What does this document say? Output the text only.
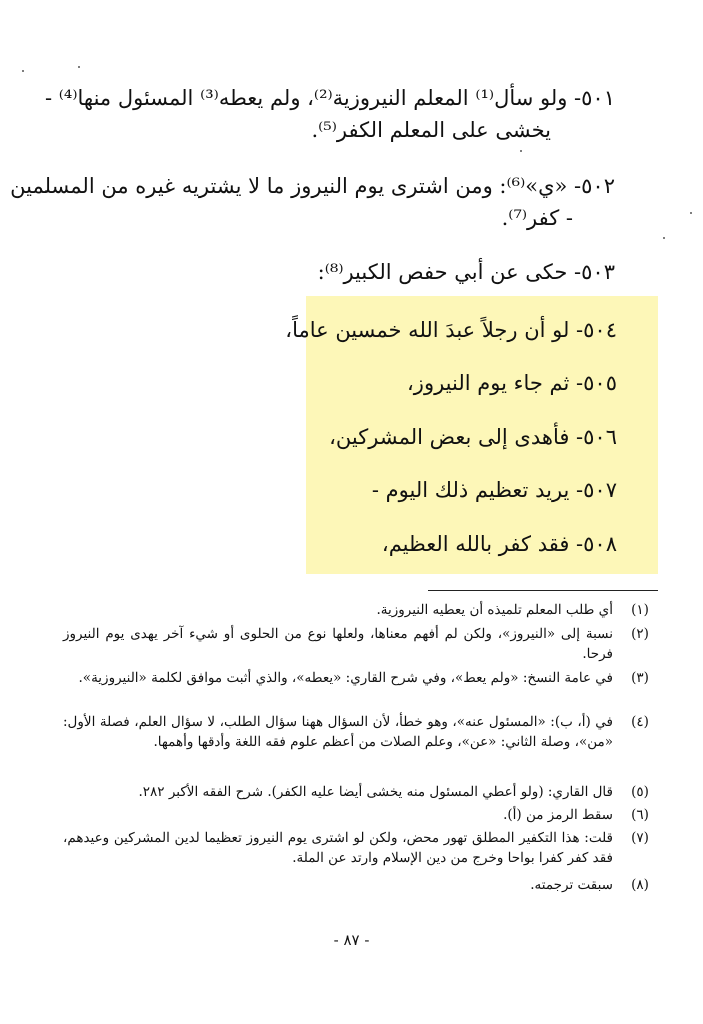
٥٠١- ولو سأل⁽¹⁾ المعلم النيروزية⁽²⁾، ولم يعطه⁽³⁾ المسئول منها⁽⁴⁾ -
يخشى على المعلم الكفر⁽⁵⁾.
٥٠٢- «ي»⁽⁶⁾: ومن اشترى يوم النيروز ما لا يشتريه غيره من المسلمين
- كفر⁽⁷⁾.
٥٠٣- حكى عن أبي حفص الكبير⁽⁸⁾:
٥٠٤- لو أن رجلاً عبدَ الله خمسين عاماً،
٥٠٥- ثم جاء يوم النيروز،
٥٠٦- فأهدى إلى بعض المشركين،
٥٠٧- يريد تعظيم ذلك اليوم -
٥٠٨- فقد كفر بالله العظيم،
(١)
أي طلب المعلم تلميذه أن يعطيه النيروزية.
(٢)
نسبة إلى «النيروز»، ولكن لم أفهم معناها، ولعلها نوع من الحلوى أو شيء آخر يهدى يوم النيروز فرحا.
(٣)
في عامة النسخ: «ولم يعط»، وفي شرح القاري: «يعطه»، والذي أثبت موافق لكلمة «النيروزية».
(٤)
في (أ، ب): «المسئول عنه»، وهو خطأ، لأن السؤال ههنا سؤال الطلب، لا سؤال العلم، فصلة الأول: «من»، وصلة الثاني: «عن»، وعلم الصلات من أعظم علوم فقه اللغة وأدقها وأهمها.
(٥)
قال القاري: (ولو أعطي المسئول منه يخشى أيضا عليه الكفر). شرح الفقه الأكبر ٢٨٢.
(٦)
سقط الرمز من (أ).
(٧)
قلت: هذا التكفير المطلق تهور محض، ولكن لو اشترى يوم النيروز تعظيما لدين المشركين وعيدهم، فقد كفر كفرا بواحا وخرج من دين الإسلام وارتد عن الملة.
(٨)
سبقت ترجمته.
- ٨٧ -
